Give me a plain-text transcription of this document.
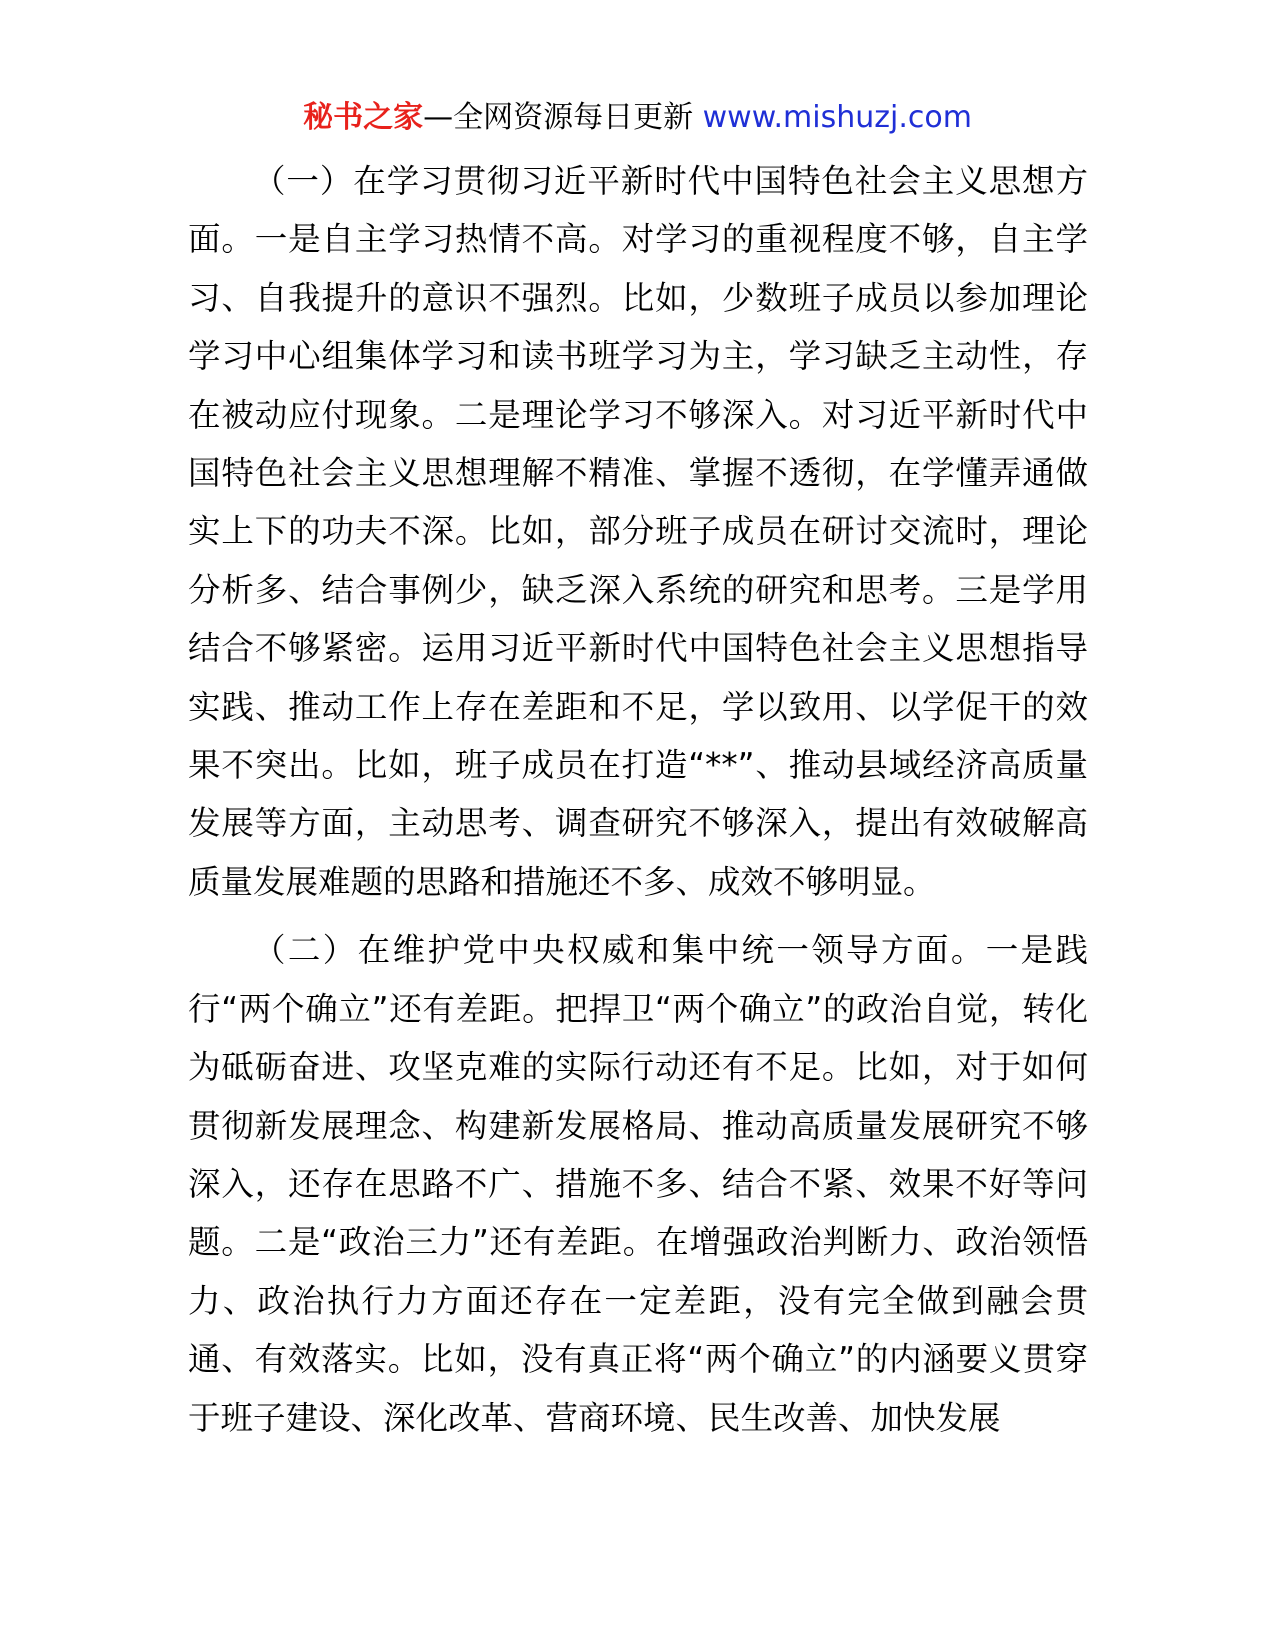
秘书之家—全网资源每日更新 www.mishuzj.com

（一）在学习贯彻习近平新时代中国特色社会主义思想方面。一是自主学习热情不高。对学习的重视程度不够，自主学习、自我提升的意识不强烈。比如，少数班子成员以参加理论学习中心组集体学习和读书班学习为主，学习缺乏主动性，存在被动应付现象。二是理论学习不够深入。对习近平新时代中国特色社会主义思想理解不精准、掌握不透彻，在学懂弄通做实上下的功夫不深。比如，部分班子成员在研讨交流时，理论分析多、结合事例少，缺乏深入系统的研究和思考。三是学用结合不够紧密。运用习近平新时代中国特色社会主义思想指导实践、推动工作上存在差距和不足，学以致用、以学促干的效果不突出。比如，班子成员在打造“**”、推动县域经济高质量发展等方面，主动思考、调查研究不够深入，提出有效破解高质量发展难题的思路和措施还不多、成效不够明显。

（二）在维护党中央权威和集中统一领导方面。一是践行“两个确立”还有差距。把捍卫“两个确立”的政治自觉，转化为砥砺奋进、攻坚克难的实际行动还有不足。比如，对于如何贯彻新发展理念、构建新发展格局、推动高质量发展研究不够深入，还存在思路不广、措施不多、结合不紧、效果不好等问题。二是“政治三力”还有差距。在增强政治判断力、政治领悟力、政治执行力方面还存在一定差距，没有完全做到融会贯通、有效落实。比如，没有真正将“两个确立”的内涵要义贯穿于班子建设、深化改革、营商环境、民生改善、加快发展
